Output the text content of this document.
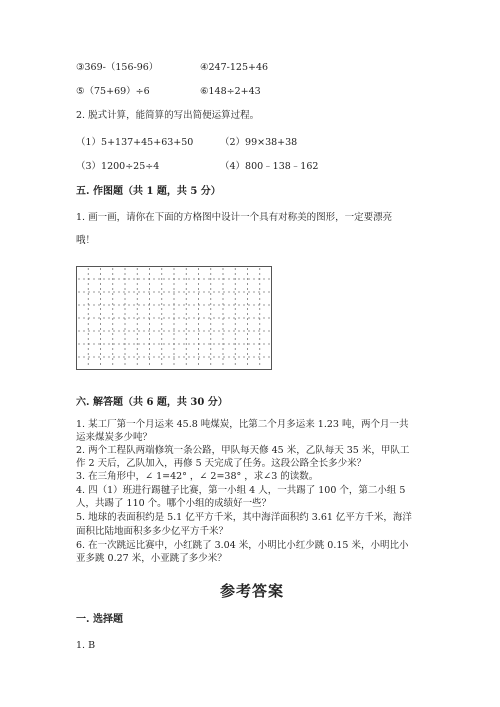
③369-（156-96）	④247-125+46
⑤（75+69）÷6	⑥148÷2+43
2. 脱式计算，能简算的写出简便运算过程。
（1）5+137+45+63+50	（2）99×38+38
（3）1200÷25÷4	（4）800﹣138﹣162
五. 作图题（共 1 题，共 5 分）
1. 画一画，请你在下面的方格图中设计一个具有对称美的图形，一定要漂亮
哦！
六. 解答题（共 6 题，共 30 分）
1. 某工厂第一个月运来 45.8 吨煤炭，比第二个月多运来 1.23 吨，两个月一共
运来煤炭多少吨？
2. 两个工程队两端修筑一条公路，甲队每天修 45 米，乙队每天 35 米，甲队工
作 2 天后，乙队加入，再修 5 天完成了任务。这段公路全长多少米？
3. 在三角形中，∠ 1=42° ，∠ 2=38° ，求∠3 的读数。
4. 四（1）班进行踢毽子比赛，第一小组 4 人，一共踢了 100 个，第二小组 5
人，共踢了 110 个。哪个小组的成绩好一些？
5. 地球的表面积约是 5.1 亿平方千米，其中海洋面积约 3.61 亿平方千米，海洋
面积比陆地面积多多少亿平方千米？
6. 在一次跳远比赛中，小红跳了 3.04 米，小明比小红少跳 0.15 米，小明比小
亚多跳 0.27 米，小亚跳了多少米？
参考答案
一. 选择题
1. B
